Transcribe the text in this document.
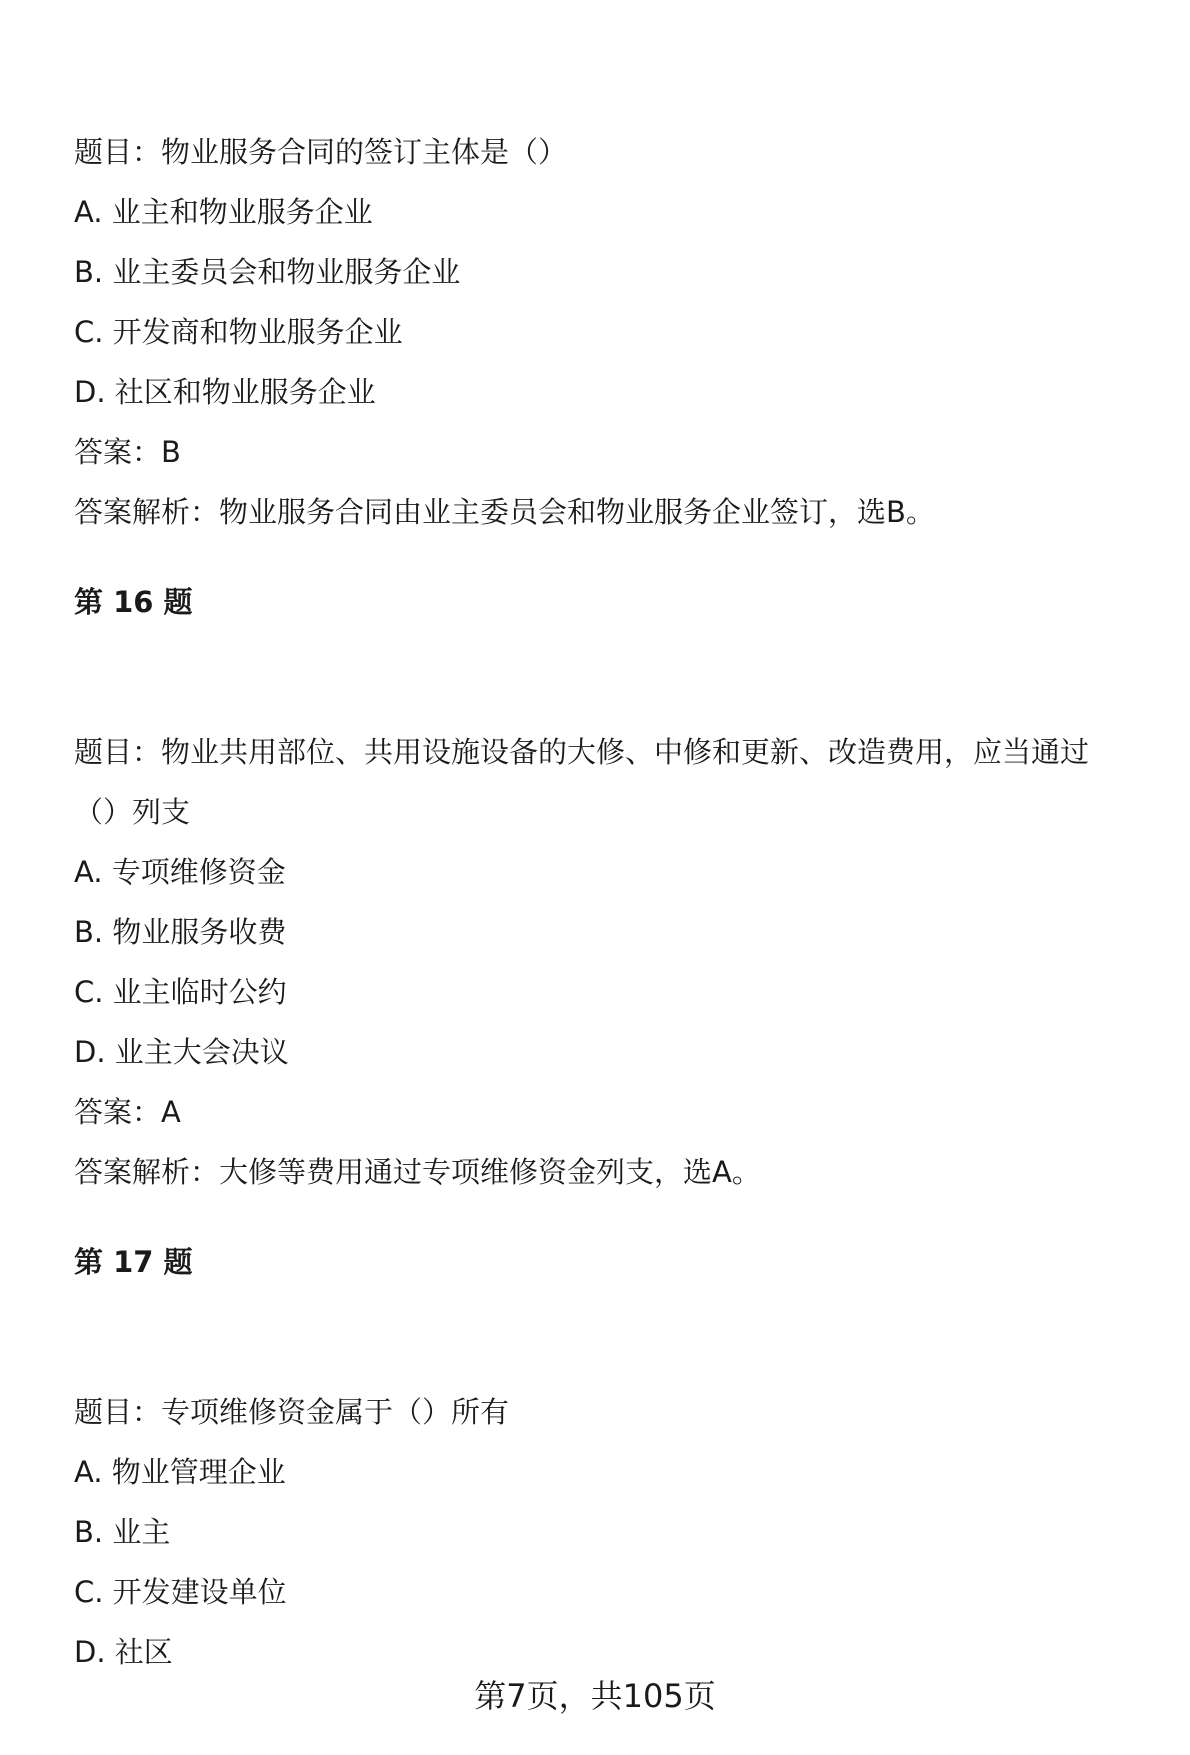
题目：物业服务合同的签订主体是（）
A. 业主和物业服务企业
B. 业主委员会和物业服务企业
C. 开发商和物业服务企业
D. 社区和物业服务企业
答案：B
答案解析：物业服务合同由业主委员会和物业服务企业签订，选B。
第 16 题
题目：物业共用部位、共用设施设备的大修、中修和更新、改造费用，应当通过
（）列支
A. 专项维修资金
B. 物业服务收费
C. 业主临时公约
D. 业主大会决议
答案：A
答案解析：大修等费用通过专项维修资金列支，选A。
第 17 题
题目：专项维修资金属于（）所有
A. 物业管理企业
B. 业主
C. 开发建设单位
D. 社区
第7页，共105页
